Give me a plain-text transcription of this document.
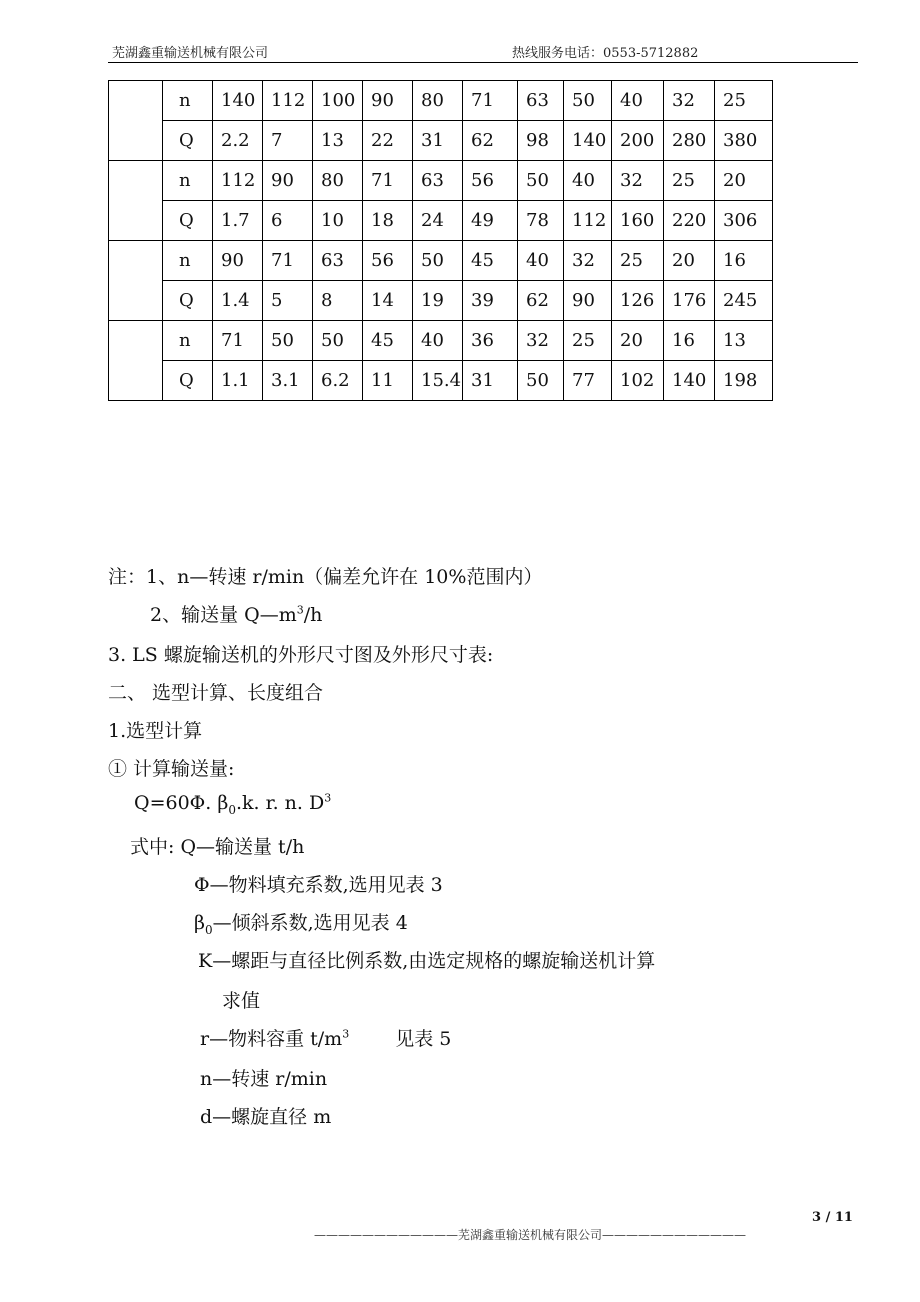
芜湖鑫重输送机械有限公司	热线服务电话：0553-5712882
	n	140	112	100	90	80	71	63	50	40	32	25
	Q	2.2	7	13	22	31	62	98	140	200	280	380
	n	112	90	80	71	63	56	50	40	32	25	20
	Q	1.7	6	10	18	24	49	78	112	160	220	306
	n	90	71	63	56	50	45	40	32	25	20	16
	Q	1.4	5	8	14	19	39	62	90	126	176	245
	n	71	50	50	45	40	36	32	25	20	16	13
	Q	1.1	3.1	6.2	11	15.4	31	50	77	102	140	198
注：1、n—转速 r/min（偏差允许在 10%范围内）
2、输送量 $Q—m^3/h$
3. LS 螺旋输送机的外形尺寸图及外形尺寸表:
二、 选型计算、长度组合
1.选型计算
① 计算输送量:
Q=60Φ. $\beta_0.k$. r. n. $D^3$
式中: Q—输送量 t/h
Φ—物料填充系数,选用见表 3
$\beta_0—$倾斜系数,选用见表 4
K—螺距与直径比例系数,由选定规格的螺旋输送机计算
求值
r—物料容重 $t/m^3$ 见表 5
n—转速 r/min
d—螺旋直径 m
3 / 11
————————————芜湖鑫重输送机械有限公司————————————
